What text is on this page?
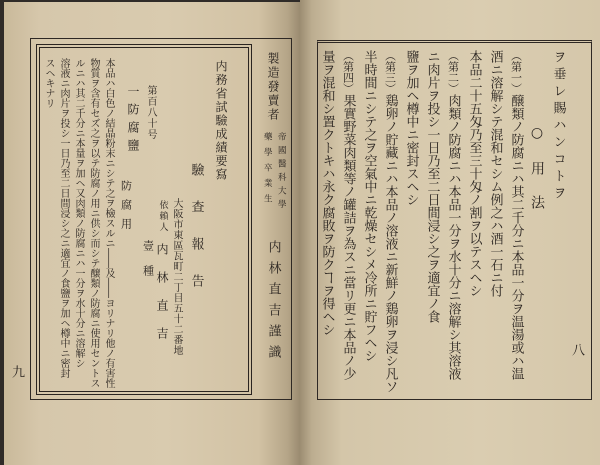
製造發賣者
帝國醫科大學
藥學卒業生
内林直吉謹識
内務省試驗成績要寫
驗查報告
大阪市東區瓦町二丁目五十二番地
依賴人
内林直吉
第百八十号
一防腐鹽
壹種
防腐用
本品ハ白色ノ結晶粉末ニシテ之ヲ檢スルニ――及――ヨリナリ他ノ有害性
物質ヲ含有セズ之ヲ以テ防腐ノ用ニ供シ而シテ醸類ノ防腐ニ使用セントス
ルニハ其二千分ニ本量ヲ加ヘ又肉類ノ防腐ニハ一分ヲ水十分ニ溶解シ
溶液ニ肉片ヲ投シ一日乃至二日間浸シ之ニ適宜ノ食鹽ヲ加ヘ樽中ニ密封
スヘキナリ
九
ヲ垂レ賜ハンコトヲ
○用法
（第一）醸類ノ防腐ニハ其二千分ニ本品一分ヲ温湯或ハ温
酒ニ溶解シテ混和セシム例之ハ酒一石ニ付
本品二十五匁乃至三十匁ノ割ヲ以テスヘシ
（第二）肉類ノ防腐ニハ本品一分ヲ水十分ニ溶解シ其溶液
ニ肉片ヲ投シ一日乃至二日間浸シ之ヲ適宜ノ食
鹽ヲ加ヘ樽中ニ密封スヘシ
（第三）鶏卵ノ貯藏ニハ本品ノ溶液ニ新鮮ノ鶏卵ヲ浸シ凡ソ
半時間ニシテ之ヲ空氣中ニ乾燥セシメ冷所ニ貯フヘシ
（第四）果實野菜肉類等ノ罐詰ヲ為スニ當リ更ニ本品ノ少
量ヲ混和シ置クトキハ永ク腐敗ヲ防クヿヲ得ヘシ
八
